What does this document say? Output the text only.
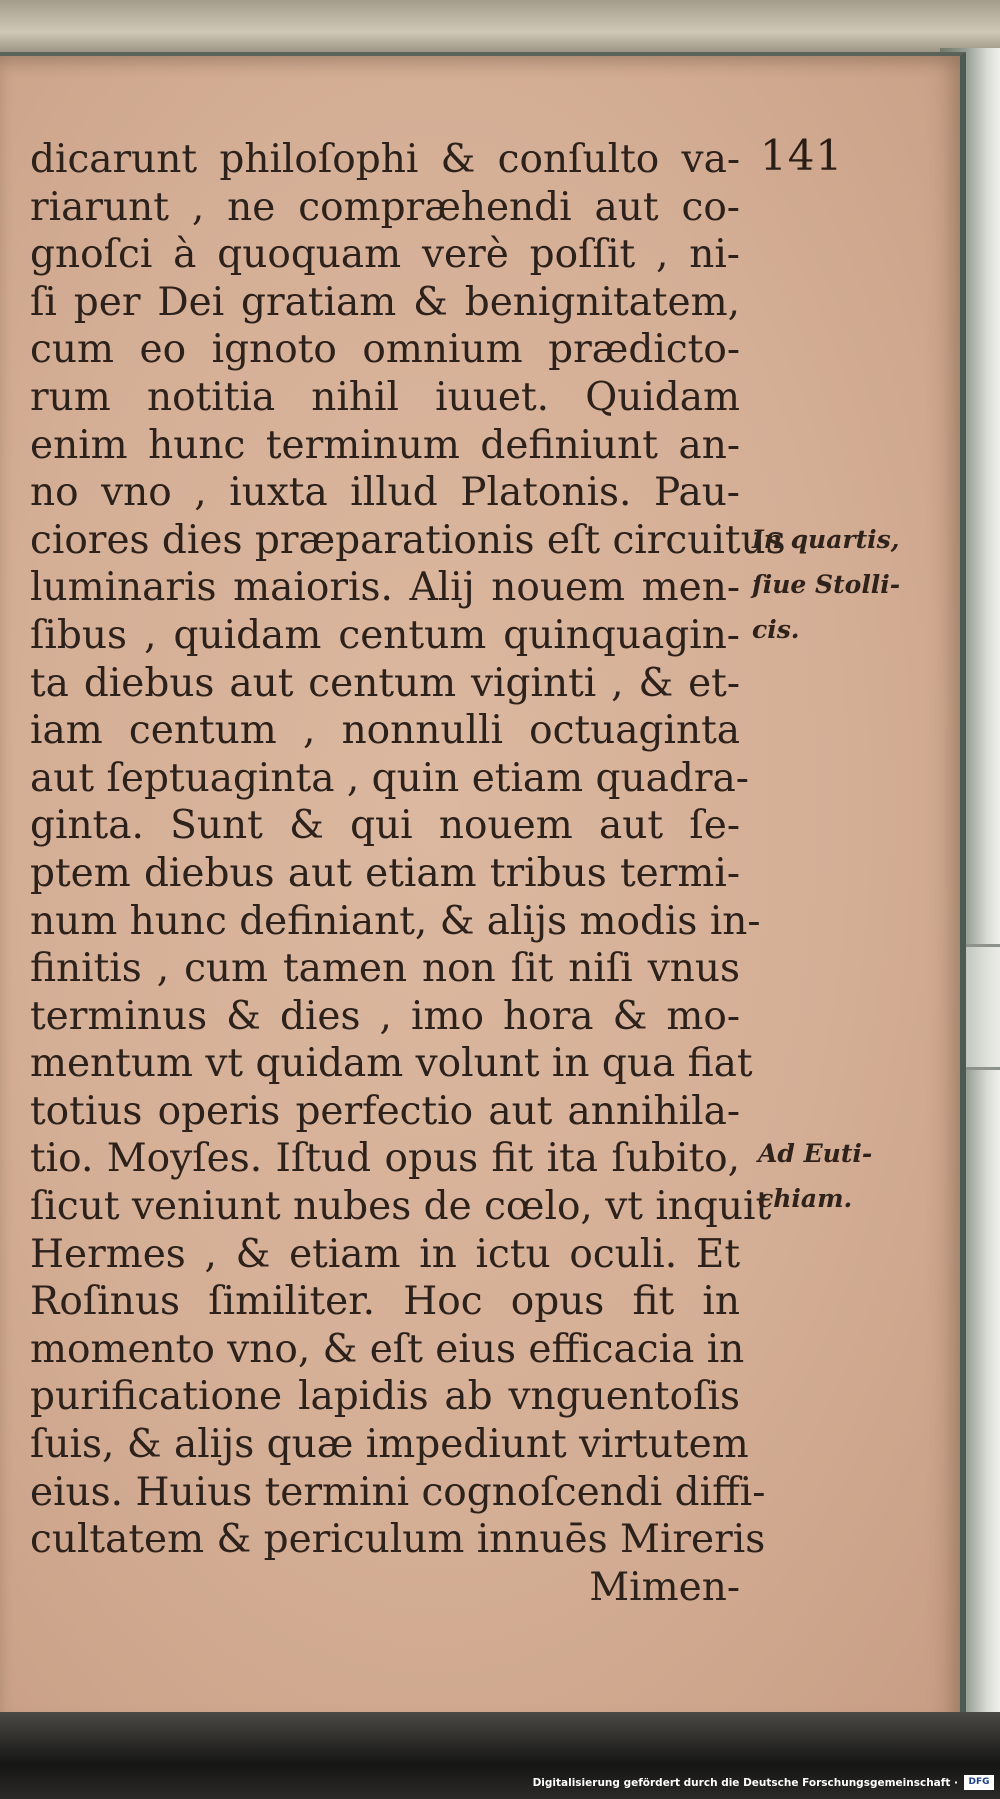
141
dicarunt philoſophi & conſulto va-
riarunt , ne compræhendi aut co-
gnoſci à quoquam verè poſſit , ni-
ſi per Dei gratiam & benignitatem,
cum eo ignoto omnium prædicto-
rum notitia nihil iuuet. Quidam
enim hunc terminum definiunt an-
no vno , iuxta illud Platonis. Pau-
ciores dies præparationis eſt circuitus
luminaris maioris. Alij nouem men-
ſibus , quidam centum quinquagin-
ta diebus aut centum viginti , & et-
iam centum , nonnulli octuaginta
aut ſeptuaginta , quin etiam quadra-
ginta. Sunt & qui nouem aut ſe-
ptem diebus aut etiam tribus termi-
num hunc definiant, & alijs modis in-
finitis , cum tamen non ſit niſi vnus
terminus & dies , imo hora & mo-
mentum vt quidam volunt in qua fiat
totius operis perfectio aut annihila-
tio. Moyſes. Iſtud opus fit ita ſubito,
ſicut veniunt nubes de cœlo, vt inquit
Hermes , & etiam in ictu oculi. Et
Roſinus ſimiliter. Hoc opus fit in
momento vno, & eſt eius efficacia in
purificatione lapidis ab vnguentoſis
ſuis, & alijs quæ impediunt virtutem
eius. Huius termini cognoſcendi diffi-
cultatem & periculum innuēs Mireris
Mimen-
In quartis,
ſiue Stolli-
cis.
Ad Euti-
chiam.
Digitalisierung gefördert durch die Deutsche Forschungsgemeinschaft ·	DFG
